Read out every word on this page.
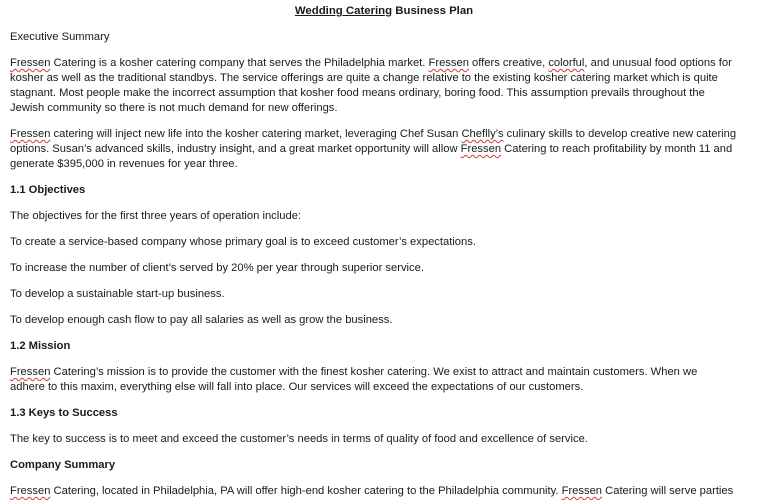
Wedding Catering Business Plan
Executive Summary
Fressen Catering is a kosher catering company that serves the Philadelphia market. Fressen offers creative, colorful, and unusual food options for
kosher as well as the traditional standbys. The service offerings are quite a change relative to the existing kosher catering market which is quite
stagnant. Most people make the incorrect assumption that kosher food means ordinary, boring food. This assumption prevails throughout the
Jewish community so there is not much demand for new offerings.
Fressen catering will inject new life into the kosher catering market, leveraging Chef Susan Cheflly’s culinary skills to develop creative new catering
options. Susan’s advanced skills, industry insight, and a great market opportunity will allow Fressen Catering to reach profitability by month 11 and
generate $395,000 in revenues for year three.
1.1 Objectives
The objectives for the first three years of operation include:
To create a service-based company whose primary goal is to exceed customer’s expectations.
To increase the number of client’s served by 20% per year through superior service.
To develop a sustainable start-up business.
To develop enough cash flow to pay all salaries as well as grow the business.
1.2 Mission
Fressen Catering’s mission is to provide the customer with the finest kosher catering. We exist to attract and maintain customers. When we
adhere to this maxim, everything else will fall into place. Our services will exceed the expectations of our customers.
1.3 Keys to Success
The key to success is to meet and exceed the customer’s needs in terms of quality of food and excellence of service.
Company Summary
Fressen Catering, located in Philadelphia, PA will offer high-end kosher catering to the Philadelphia community. Fressen Catering will serve parties
